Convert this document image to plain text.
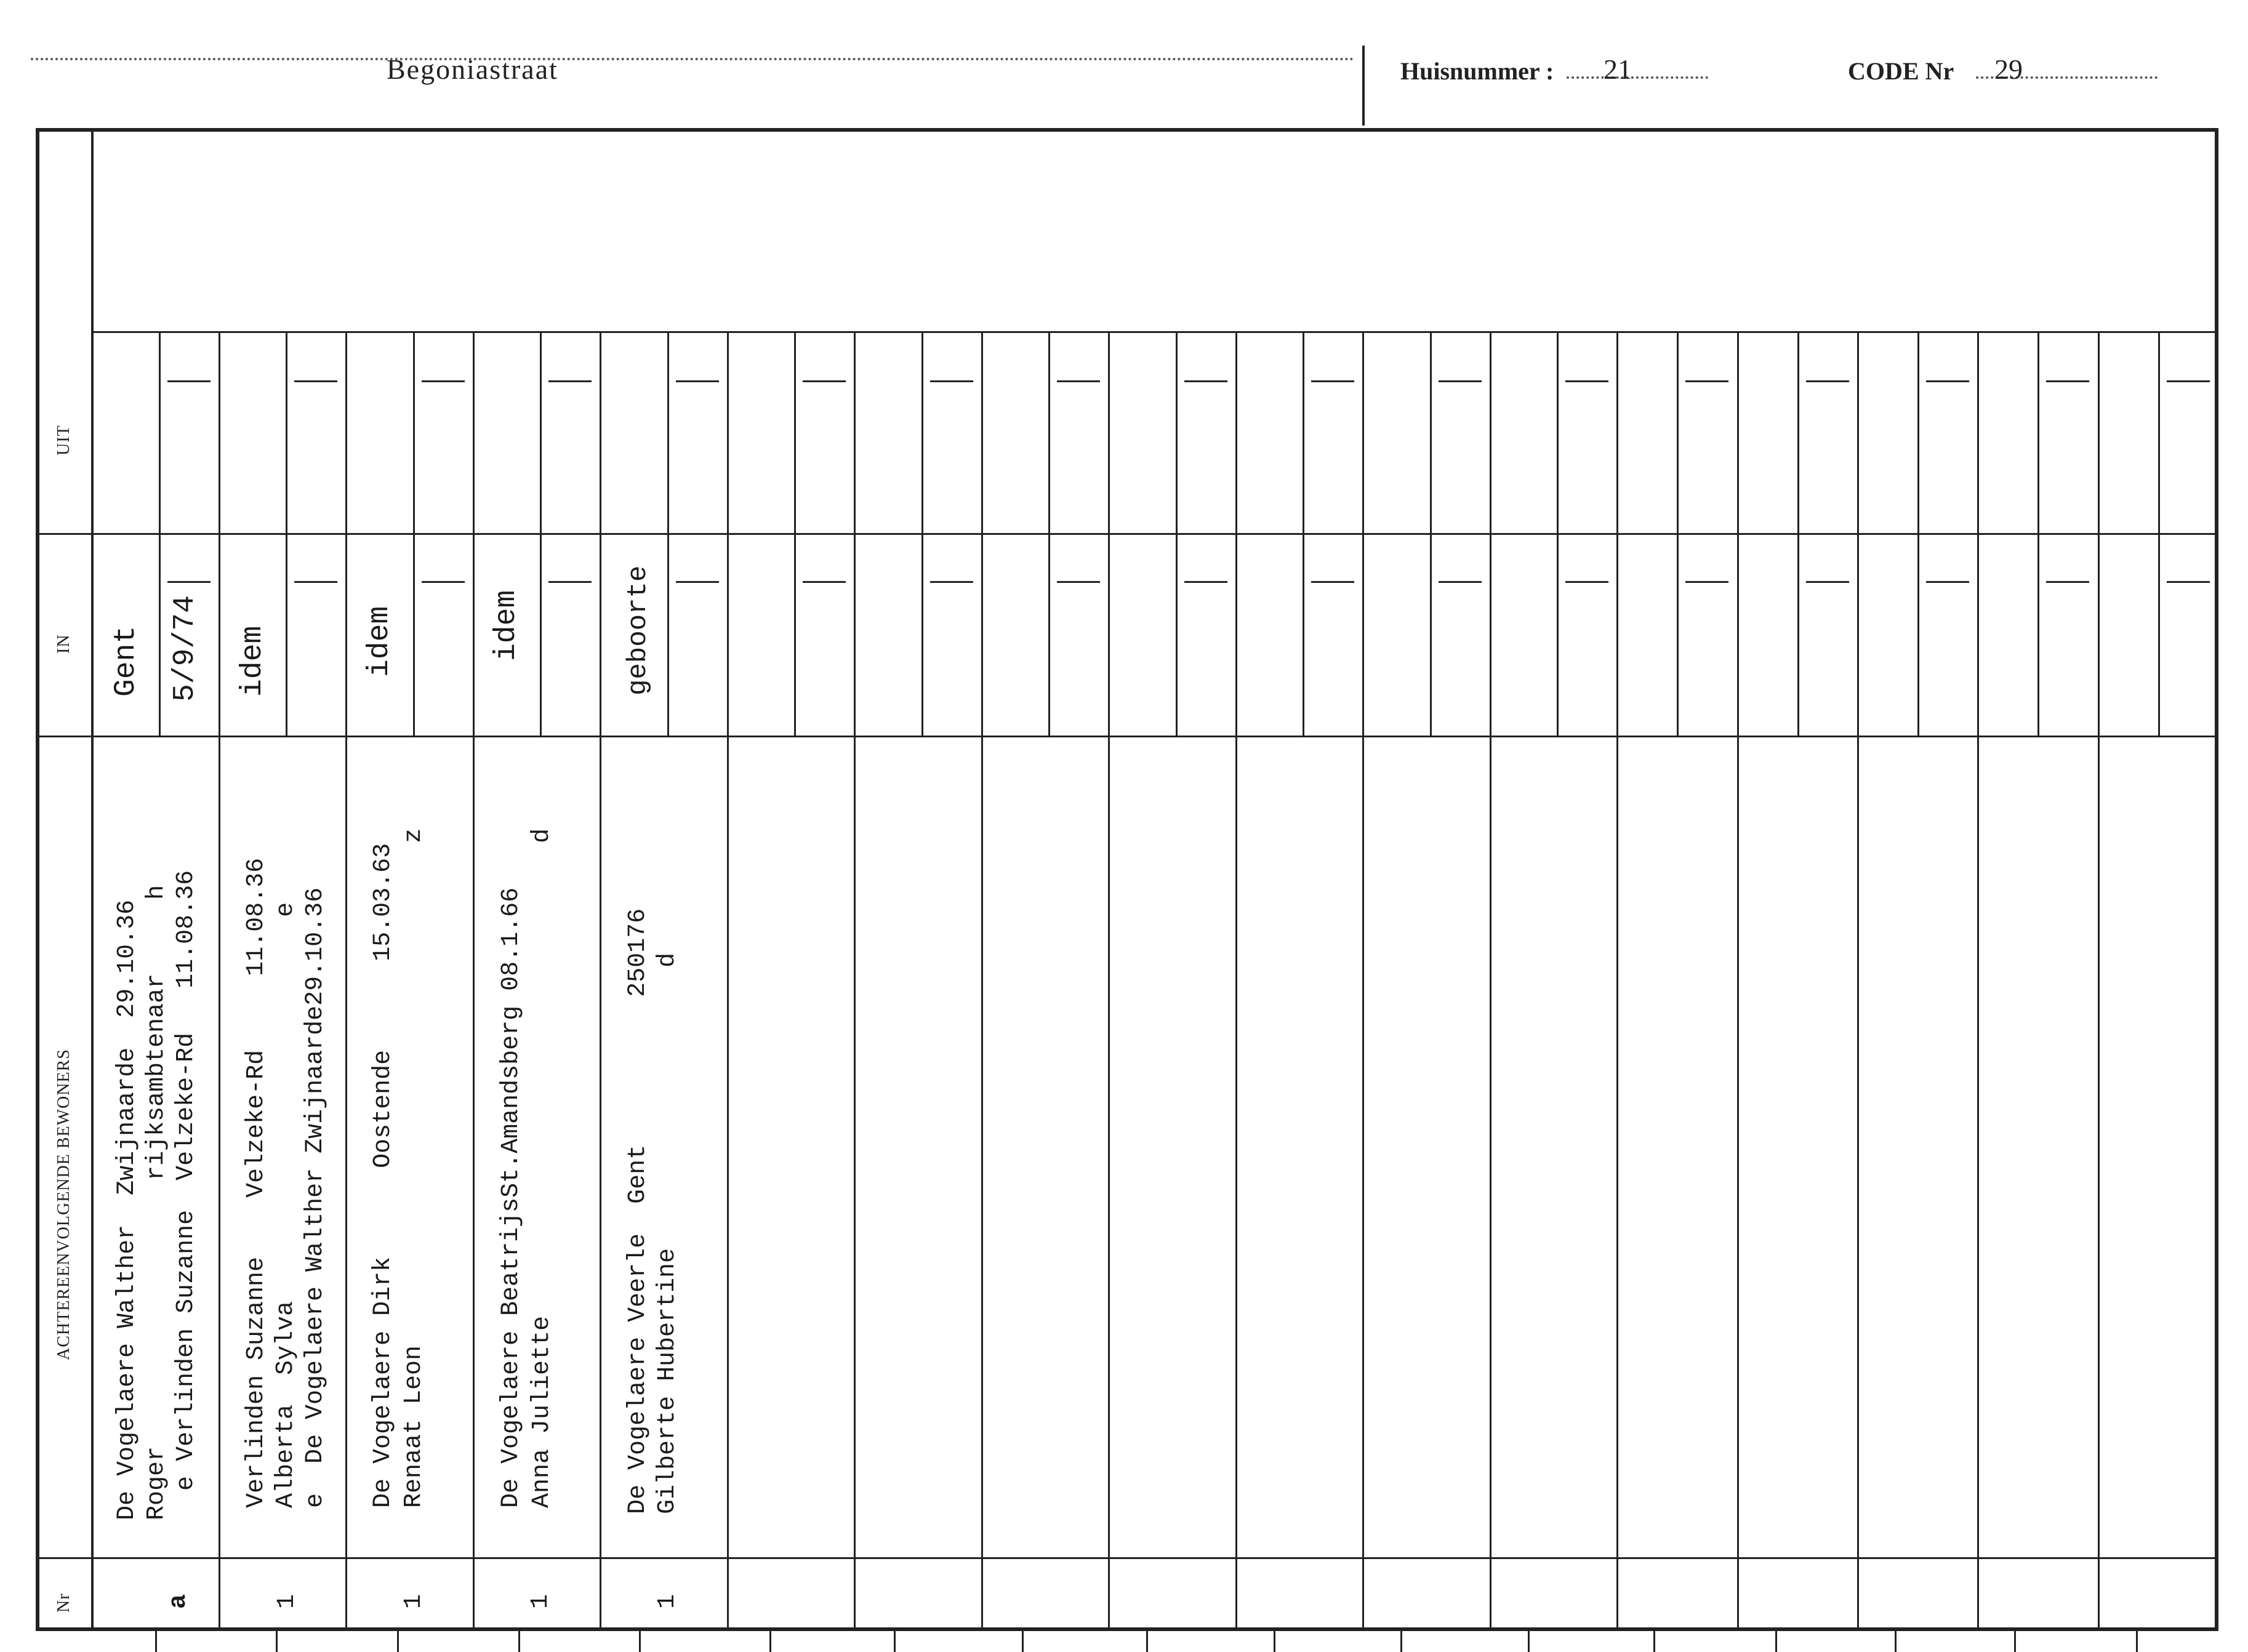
Begoniastraat	Huisnummer : 21	CODE Nr 29
Nr
ACHTEREENVOLGENDE BEWONERS
IN
UIT
a
De Vogelaere Walther  Zwijnaarde  29.10.36 Roger                  rijksambtenaar     h e Verlinden Suzanne  Velzeke-Rd   11.08.36
Gent 5/9/74
1
Verlinden Suzanne    Velzeke-Rd     11.08.36 Alberta  Sylva                          e e  De Vogelaere Walther Zwijnaarde29.10.36
idem
1
De Vogelaere Dirk      Oostende      15.03.63 Renaat Leon                                  z
idem
1
De Vogelaere BeatrijsSt.Amandsberg 08.1.66 Anna Juliette                                d
idem
1
De Vogelaere Veerle  Gent          250176 Gilberte Hubertine                   d
geboorte
